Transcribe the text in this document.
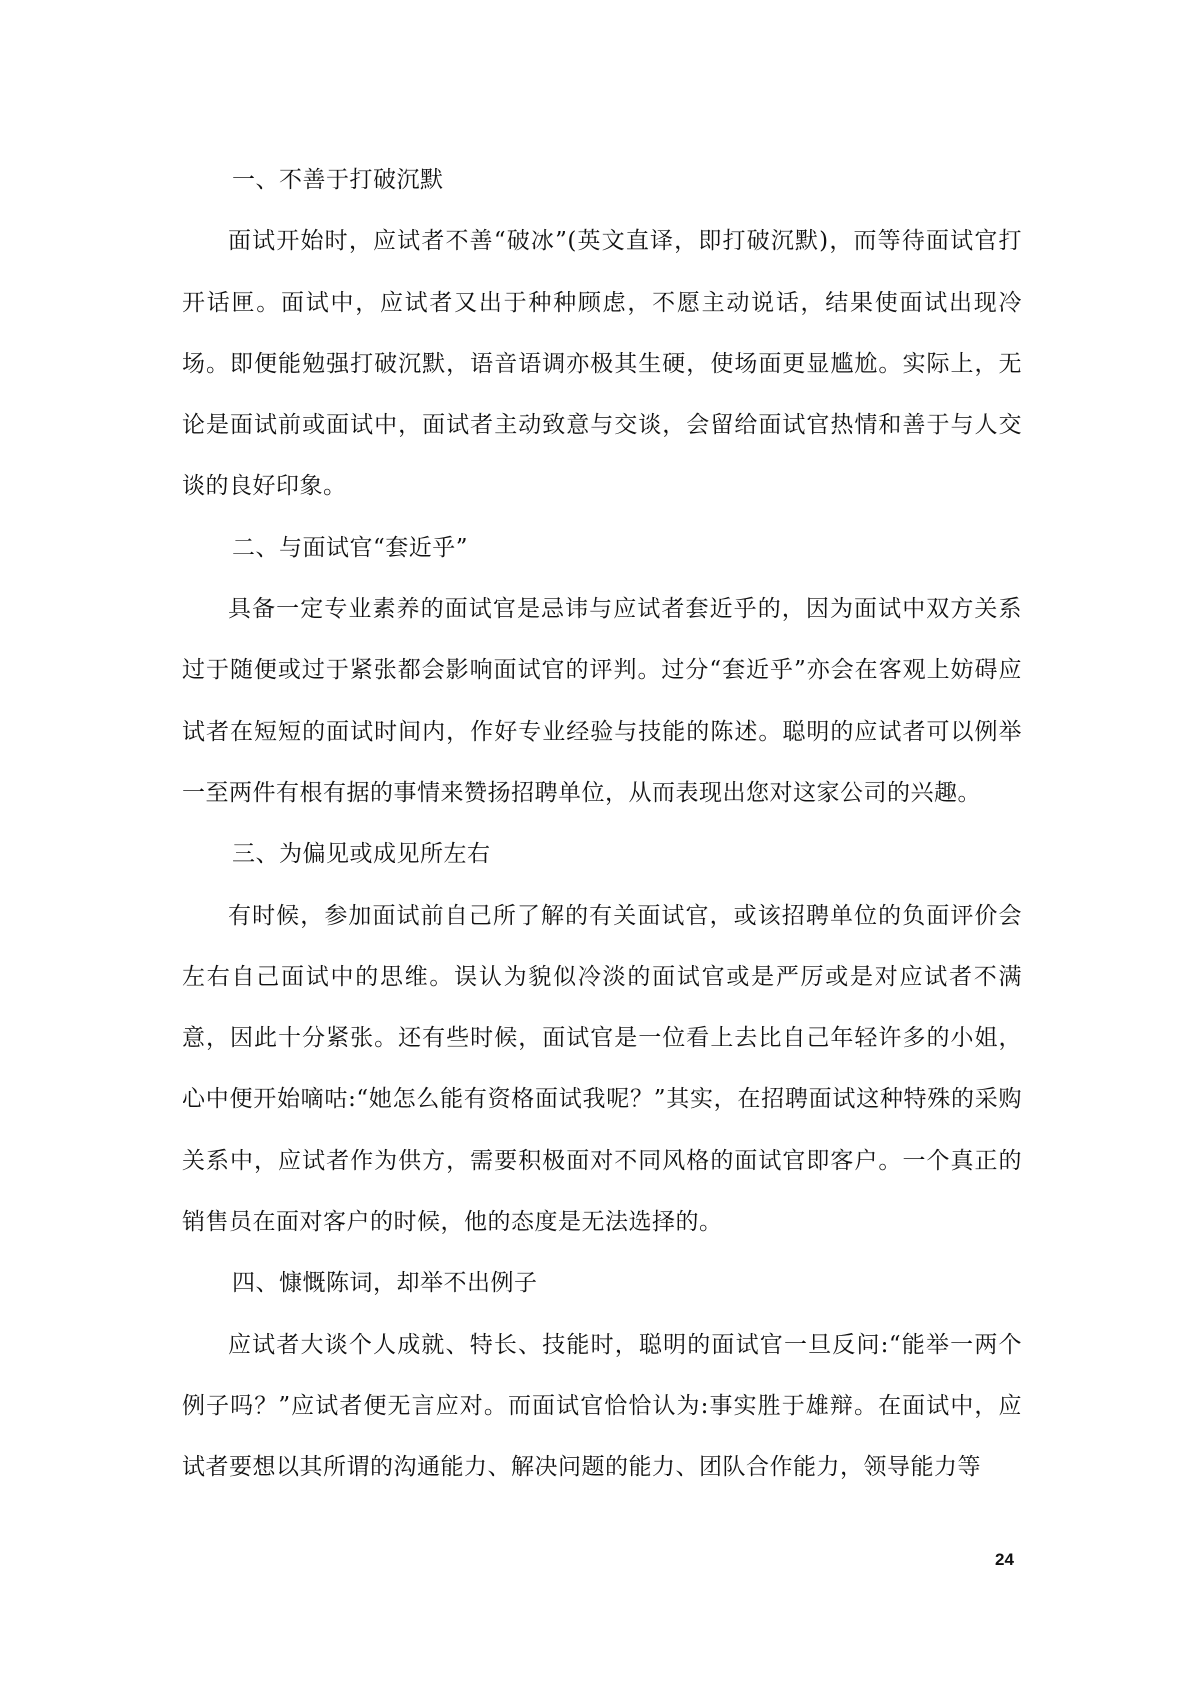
一、不善于打破沉默

面试开始时，应试者不善“破冰”(英文直译，即打破沉默)，而等待面试官打开话匣。面试中，应试者又出于种种顾虑，不愿主动说话，结果使面试出现冷场。即便能勉强打破沉默，语音语调亦极其生硬，使场面更显尴尬。实际上，无论是面试前或面试中，面试者主动致意与交谈，会留给面试官热情和善于与人交谈的良好印象。

二、与面试官“套近乎”

具备一定专业素养的面试官是忌讳与应试者套近乎的，因为面试中双方关系过于随便或过于紧张都会影响面试官的评判。过分“套近乎”亦会在客观上妨碍应试者在短短的面试时间内，作好专业经验与技能的陈述。聪明的应试者可以例举一至两件有根有据的事情来赞扬招聘单位，从而表现出您对这家公司的兴趣。

三、为偏见或成见所左右

有时候，参加面试前自己所了解的有关面试官，或该招聘单位的负面评价会左右自己面试中的思维。误认为貌似冷淡的面试官或是严厉或是对应试者不满意，因此十分紧张。还有些时候，面试官是一位看上去比自己年轻许多的小姐，心中便开始嘀咕:“她怎么能有资格面试我呢？”其实，在招聘面试这种特殊的采购关系中，应试者作为供方，需要积极面对不同风格的面试官即客户。一个真正的销售员在面对客户的时候，他的态度是无法选择的。

四、慷慨陈词，却举不出例子

应试者大谈个人成就、特长、技能时，聪明的面试官一旦反问:“能举一两个例子吗？”应试者便无言应对。而面试官恰恰认为:事实胜于雄辩。在面试中，应试者要想以其所谓的沟通能力、解决问题的能力、团队合作能力，领导能力等

24
